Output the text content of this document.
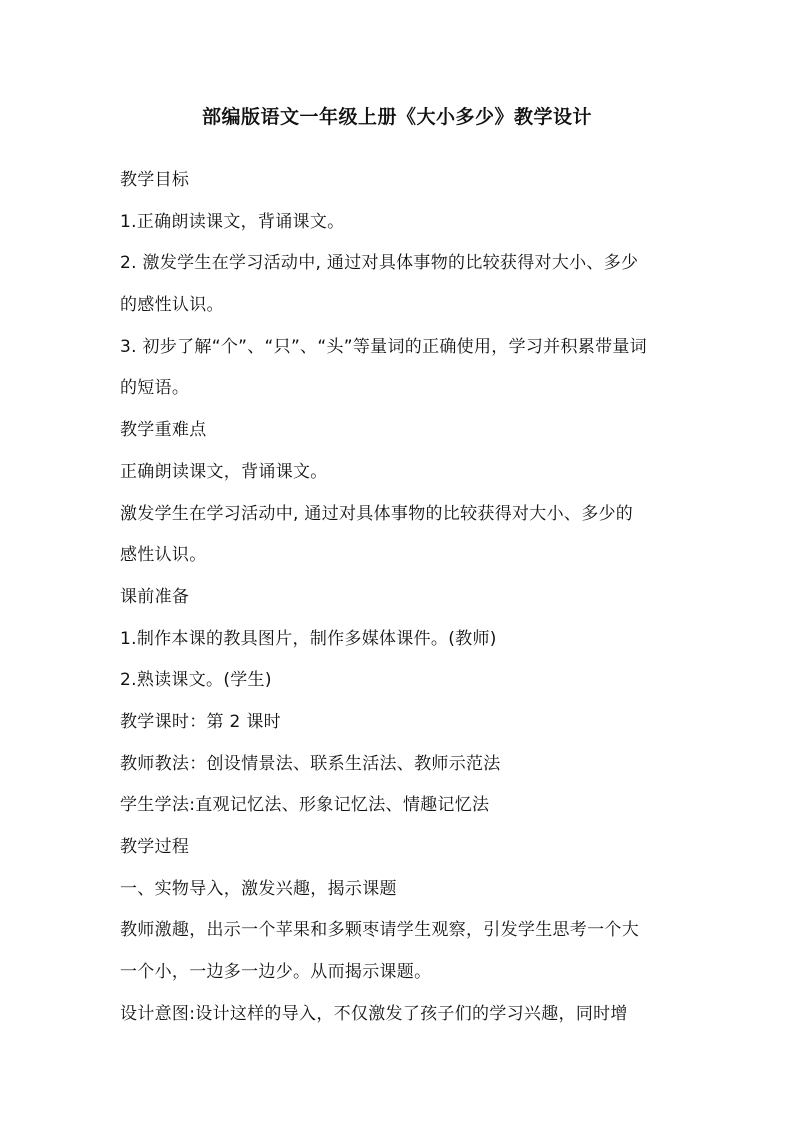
部编版语文一年级上册《大小多少》教学设计
教学目标
1.正确朗读课文，背诵课文。
2. 激发学生在学习活动中, 通过对具体事物的比较获得对大小、多少
的感性认识。
3. 初步了解“个”、“只”、“头”等量词的正确使用，学习并积累带量词
的短语。
教学重难点
正确朗读课文，背诵课文。
激发学生在学习活动中, 通过对具体事物的比较获得对大小、多少的
感性认识。
课前准备
1.制作本课的教具图片，制作多媒体课件。(教师)
2.熟读课文。(学生)
教学课时：第 2 课时
教师教法：创设情景法、联系生活法、教师示范法
学生学法:直观记忆法、形象记忆法、情趣记忆法
教学过程
一、实物导入，激发兴趣，揭示课题
教师激趣，出示一个苹果和多颗枣请学生观察，引发学生思考一个大
一个小，一边多一边少。从而揭示课题。
设计意图:设计这样的导入，不仅激发了孩子们的学习兴趣，同时增
